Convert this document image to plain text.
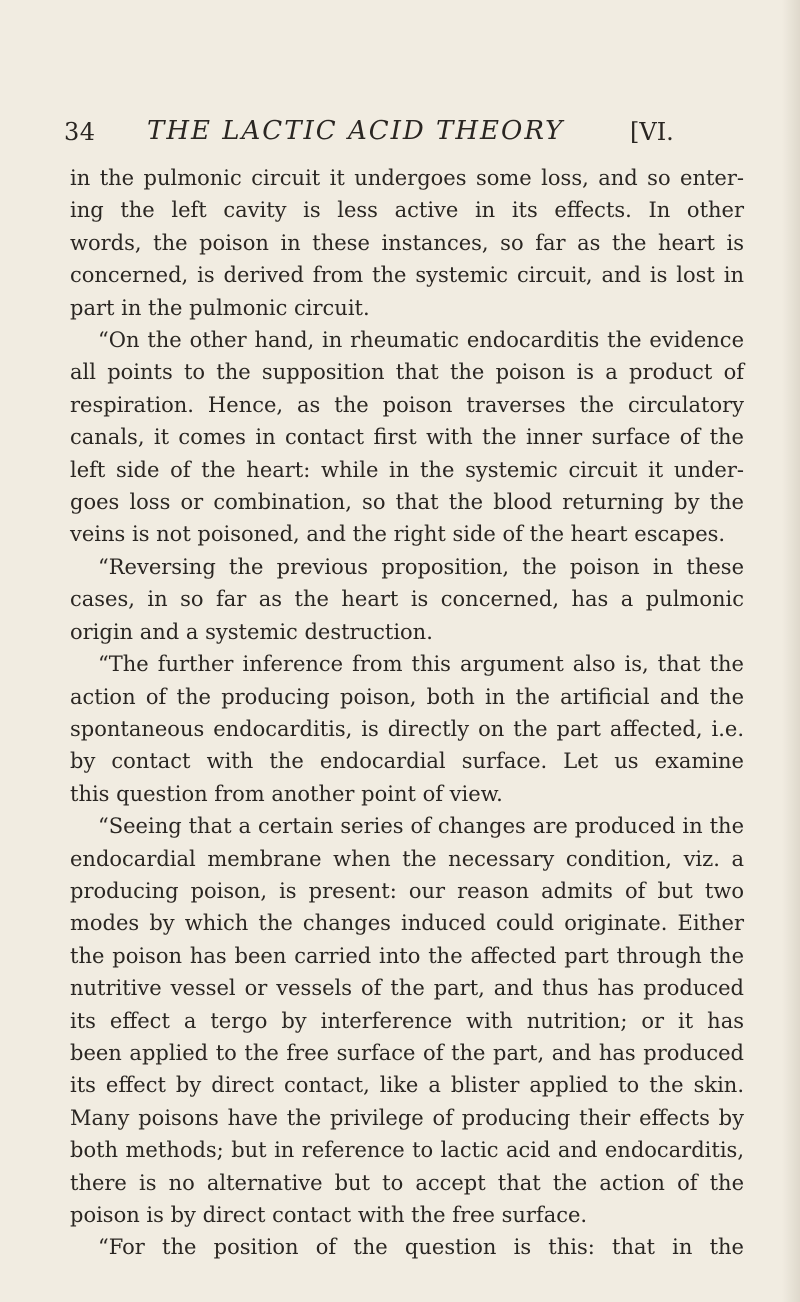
34 THE LACTIC ACID THEORY	[VI.

in the pulmonic circuit it undergoes some loss, and so enter-
ing the left cavity is less active in its effects. In other
words, the poison in these instances, so far as the heart is
concerned, is derived from the systemic circuit, and is lost in
part in the pulmonic circuit.

“On the other hand, in rheumatic endocarditis the evidence
all points to the supposition that the poison is a product of
respiration. Hence, as the poison traverses the circulatory
canals, it comes in contact first with the inner surface of the
left side of the heart: while in the systemic circuit it under-
goes loss or combination, so that the blood returning by the
veins is not poisoned, and the right side of the heart escapes.

“Reversing the previous proposition, the poison in these
cases, in so far as the heart is concerned, has a pulmonic
origin and a systemic destruction.

“The further inference from this argument also is, that the
action of the producing poison, both in the artificial and the
spontaneous endocarditis, is directly on the part affected, i.e.
by contact with the endocardial surface. Let us examine
this question from another point of view.

“Seeing that a certain series of changes are produced in the
endocardial membrane when the necessary condition, viz. a
producing poison, is present: our reason admits of but two
modes by which the changes induced could originate. Either
the poison has been carried into the affected part through the
nutritive vessel or vessels of the part, and thus has produced
its effect a tergo by interference with nutrition; or it has
been applied to the free surface of the part, and has produced
its effect by direct contact, like a blister applied to the skin.
Many poisons have the privilege of producing their effects by
both methods; but in reference to lactic acid and endocarditis,
there is no alternative but to accept that the action of the
poison is by direct contact with the free surface.

“For the position of the question is this: that in the
